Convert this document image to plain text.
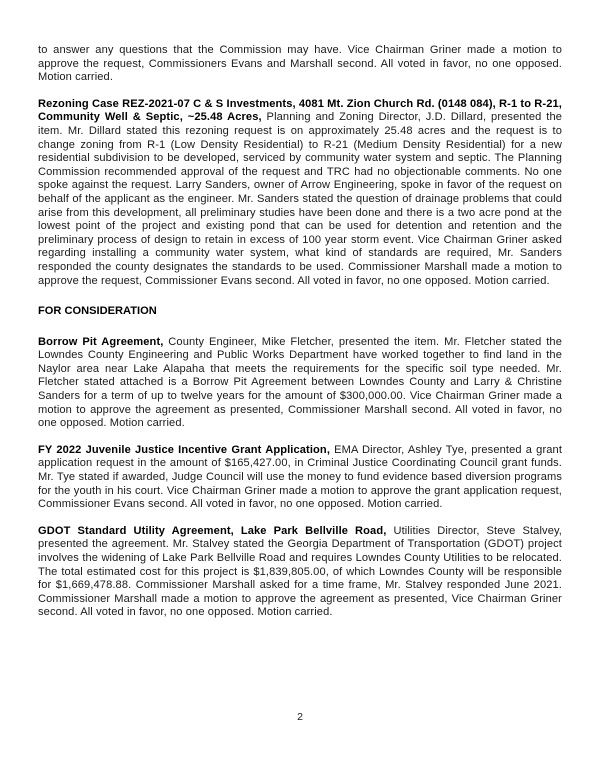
to answer any questions that the Commission may have. Vice Chairman Griner made a motion to approve the request, Commissioners Evans and Marshall second. All voted in favor, no one opposed. Motion carried.

Rezoning Case REZ-2021-07 C & S Investments, 4081 Mt. Zion Church Rd. (0148 084), R-1 to R-21, Community Well & Septic, ~25.48 Acres, Planning and Zoning Director, J.D. Dillard, presented the item. Mr. Dillard stated this rezoning request is on approximately 25.48 acres and the request is to change zoning from R-1 (Low Density Residential) to R-21 (Medium Density Residential) for a new residential subdivision to be developed, serviced by community water system and septic. The Planning Commission recommended approval of the request and TRC had no objectionable comments. No one spoke against the request. Larry Sanders, owner of Arrow Engineering, spoke in favor of the request on behalf of the applicant as the engineer. Mr. Sanders stated the question of drainage problems that could arise from this development, all preliminary studies have been done and there is a two acre pond at the lowest point of the project and existing pond that can be used for detention and retention and the preliminary process of design to retain in excess of 100 year storm event. Vice Chairman Griner asked regarding installing a community water system, what kind of standards are required, Mr. Sanders responded the county designates the standards to be used. Commissioner Marshall made a motion to approve the request, Commissioner Evans second. All voted in favor, no one opposed. Motion carried.

FOR CONSIDERATION

Borrow Pit Agreement, County Engineer, Mike Fletcher, presented the item. Mr. Fletcher stated the Lowndes County Engineering and Public Works Department have worked together to find land in the Naylor area near Lake Alapaha that meets the requirements for the specific soil type needed. Mr. Fletcher stated attached is a Borrow Pit Agreement between Lowndes County and Larry & Christine Sanders for a term of up to twelve years for the amount of $300,000.00. Vice Chairman Griner made a motion to approve the agreement as presented, Commissioner Marshall second. All voted in favor, no one opposed. Motion carried.

FY 2022 Juvenile Justice Incentive Grant Application, EMA Director, Ashley Tye, presented a grant application request in the amount of $165,427.00, in Criminal Justice Coordinating Council grant funds. Mr. Tye stated if awarded, Judge Council will use the money to fund evidence based diversion programs for the youth in his court. Vice Chairman Griner made a motion to approve the grant application request, Commissioner Evans second. All voted in favor, no one opposed. Motion carried.

GDOT Standard Utility Agreement, Lake Park Bellville Road, Utilities Director, Steve Stalvey, presented the agreement. Mr. Stalvey stated the Georgia Department of Transportation (GDOT) project involves the widening of Lake Park Bellville Road and requires Lowndes County Utilities to be relocated. The total estimated cost for this project is $1,839,805.00, of which Lowndes County will be responsible for $1,669,478.88. Commissioner Marshall asked for a time frame, Mr. Stalvey responded June 2021. Commissioner Marshall made a motion to approve the agreement as presented, Vice Chairman Griner second. All voted in favor, no one opposed. Motion carried.

2
